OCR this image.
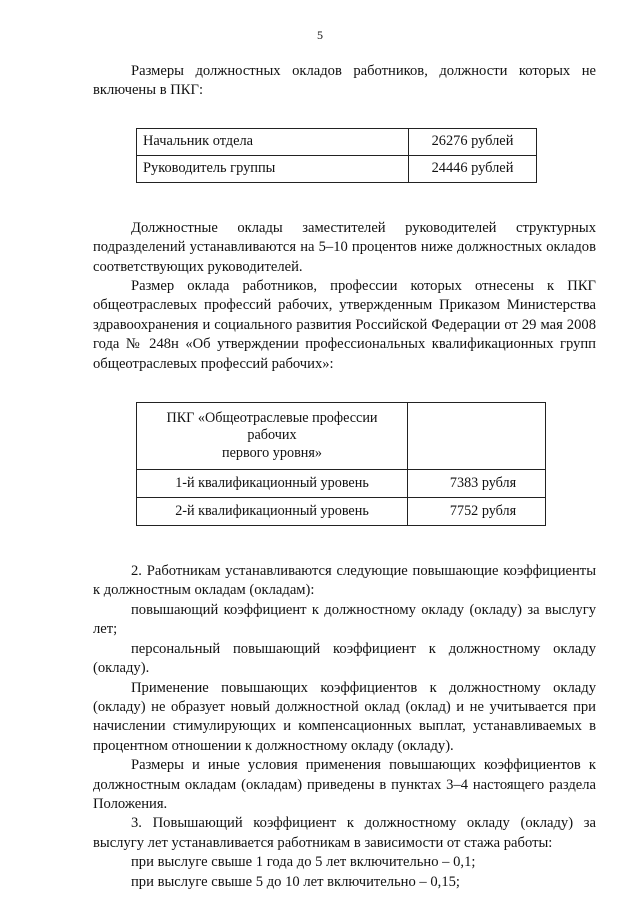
5

Размеры должностных окладов работников, должности которых не включены в ПКГ:

Начальник отдела	26276 рублей
Руководитель группы	24446 рублей

Должностные оклады заместителей руководителей структурных подразделений устанавливаются на 5–10 процентов ниже должностных окладов соответствующих руководителей.

Размер оклада работников, профессии которых отнесены к ПКГ общеотраслевых профессий рабочих, утвержденным Приказом Министерства здравоохранения и социального развития Российской Федерации от 29 мая 2008 года № 248н «Об утверждении профессиональных квалификационных групп общеотраслевых профессий рабочих»:

ПКГ «Общеотраслевые профессии
рабочих
первого уровня»	
1-й квалификационный уровень	7383 рубля
2-й квалификационный уровень	7752 рубля

2. Работникам устанавливаются следующие повышающие коэффициенты к должностным окладам (окладам):

повышающий коэффициент к должностному окладу (окладу) за выслугу лет;

персональный повышающий коэффициент к должностному окладу (окладу).

Применение повышающих коэффициентов к должностному окладу (окладу) не образует новый должностной оклад (оклад) и не учитывается при начислении стимулирующих и компенсационных выплат, устанавливаемых в процентном отношении к должностному окладу (окладу).

Размеры и иные условия применения повышающих коэффициентов к должностным окладам (окладам) приведены в пунктах 3–4 настоящего раздела Положения.

3. Повышающий коэффициент к должностному окладу (окладу) за выслугу лет устанавливается работникам в зависимости от стажа работы:

при выслуге свыше 1 года до 5 лет включительно – 0,1;

при выслуге свыше 5 до 10 лет включительно – 0,15;
